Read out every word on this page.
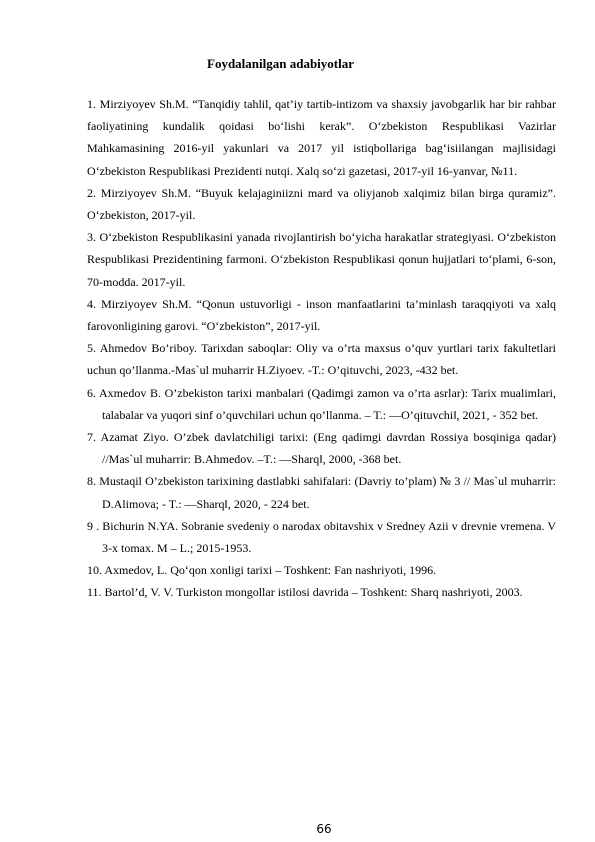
Foydalanilgan adabiyotlar
1. Mirziyoyev Sh.M. “Tanqidiy tahlil, qat’iy tartib-intizom va shaxsiy javobgarlik har bir rahbar faoliyatining kundalik qoidasi bo‘lishi kerak”. O‘zbekiston Respublikasi Vazirlar Mahkamasining 2016-yil yakunlari va 2017 yil istiqbollariga bag‘isiilangan majlisidagi O‘zbekiston Respublikasi Prezidenti nutqi. Xalq so‘zi gazetasi, 2017-yil 16-yanvar, №11.
2. Mirziyoyev Sh.M. “Buyuk kelajaginiizni mard va oliyjanob xalqimiz bilan birga quramiz”. O‘zbekiston, 2017-yil.
3. O‘zbekiston Respublikasini yanada rivojlantirish bo‘yicha harakatlar strategiyasi. O‘zbekiston Respublikasi Prezidentining farmoni. O‘zbekiston Respublikasi qonun hujjatlari to‘plami, 6-son, 70-modda. 2017-yil.
4. Mirziyoyev Sh.M. “Qonun ustuvorligi - inson manfaatlarini ta’minlash taraqqiyoti va xalq farovonligining garovi. “O‘zbekiston”, 2017-yil.
5. Ahmedov Bo’riboy. Tarixdan saboqlar: Oliy va o’rta maxsus o’quv yurtlari tarix fakultetlari uchun qo’llanma.-Mas`ul muharrir H.Ziyoev. -T.: O’qituvchi, 2023, -432 bet.
6. Axmedov B. O’zbekiston tarixi manbalari (Qadimgi zamon va o’rta asrlar): Tarix mualimlari, talabalar va yuqori sinf o’quvchilari uchun qo’llanma. – T.: ―O’qituvchi‖, 2021, - 352 bet.
7. Azamat Ziyo. O’zbek davlatchiligi tarixi: (Eng qadimgi davrdan Rossiya bosqiniga qadar) //Mas`ul muharrir: B.Ahmedov. –T.: ―Sharq‖, 2000, -368 bet.
8. Mustaqil O’zbekiston tarixining dastlabki sahifalari: (Davriy to’plam) № 3 // Mas`ul muharrir: D.Alimova; - T.: ―Sharq‖, 2020, - 224 bet.
9 . Bichurin N.YA. Sobranie svedeniy o narodax obitavshix v Sredney Azii v drevnie vremena. V 3-x tomax. M – L.; 2015-1953.
10. Axmedov, L. Qo‘qon xonligi tarixi – Toshkent: Fan nashriyoti, 1996.
11. Bartol’d, V. V. Turkiston mongollar istilosi davrida – Toshkent: Sharq nashriyoti, 2003.
66
